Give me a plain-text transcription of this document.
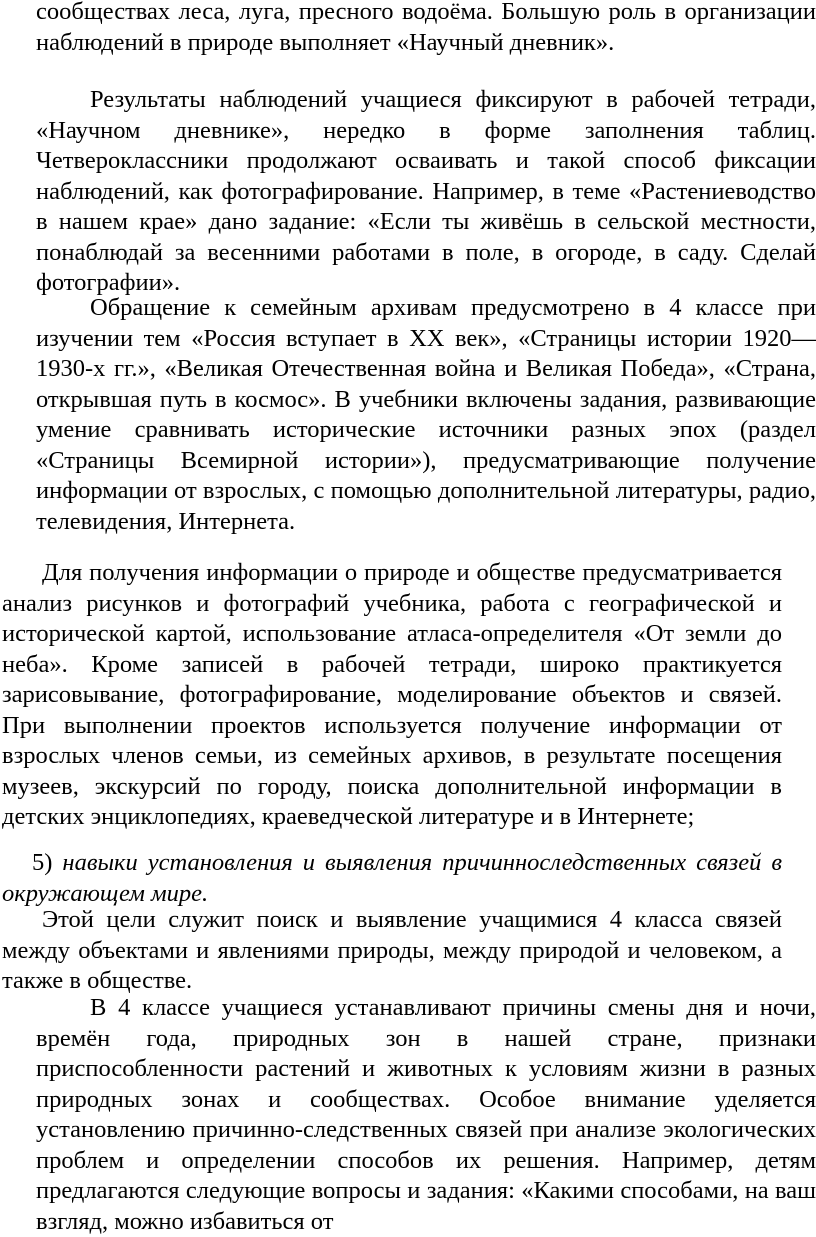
сообществах леса, луга, пресного водоёма. Большую роль в организации наблюдений в природе выполняет «Научный дневник».

Результаты наблюдений учащиеся фиксируют в рабочей тетради, «Научном дневнике», нередко в форме заполнения таблиц. Четвероклассники продолжают осваивать и такой способ фиксации наблюдений, как фотографирование. Например, в теме «Растениеводство в нашем крае» дано задание: «Если ты живёшь в сельской местности, понаблюдай за весенними работами в поле, в огороде, в саду. Сделай фотографии».

Обращение к семейным архивам предусмотрено в 4 классе при изучении тем «Россия вступает в XX век», «Страницы истории 1920—1930-х гг.», «Великая Отечественная война и Великая Победа», «Страна, открывшая путь в космос». В учебники включены задания, развивающие умение сравнивать исторические источники разных эпох (раздел «Страницы Всемирной истории»), предусматривающие получение информации от взрослых, с помощью дополнительной литературы, радио, телевидения, Интернета.

Для получения информации о природе и обществе предусматривается анализ рисунков и фотографий учебника, работа с географической и исторической картой, использование атласа-определителя «От земли до неба». Кроме записей в рабочей тетради, широко практикуется зарисовывание, фотографирование, моделирование объектов и связей. При выполнении проектов используется получение информации от взрослых членов семьи, из семейных архивов, в результате посещения музеев, экскурсий по городу, поиска дополнительной информации в детских энциклопедиях, краеведческой литературе и в Интернете;

5) навыки установления и выявления причинноследственных связей в окружающем мире.

Этой цели служит поиск и выявление учащимися 4 класса связей между объектами и явлениями природы, между природой и человеком, а также в обществе.

В 4 классе учащиеся устанавливают причины смены дня и ночи, времён года, природных зон в нашей стране, признаки приспособленности растений и животных к условиям жизни в разных природных зонах и сообществах. Особое внимание уделяется установлению причинно-следственных связей при анализе экологических проблем и определении способов их решения. Например, детям предлагаются следующие вопросы и задания: «Какими способами, на ваш взгляд, можно избавиться от
